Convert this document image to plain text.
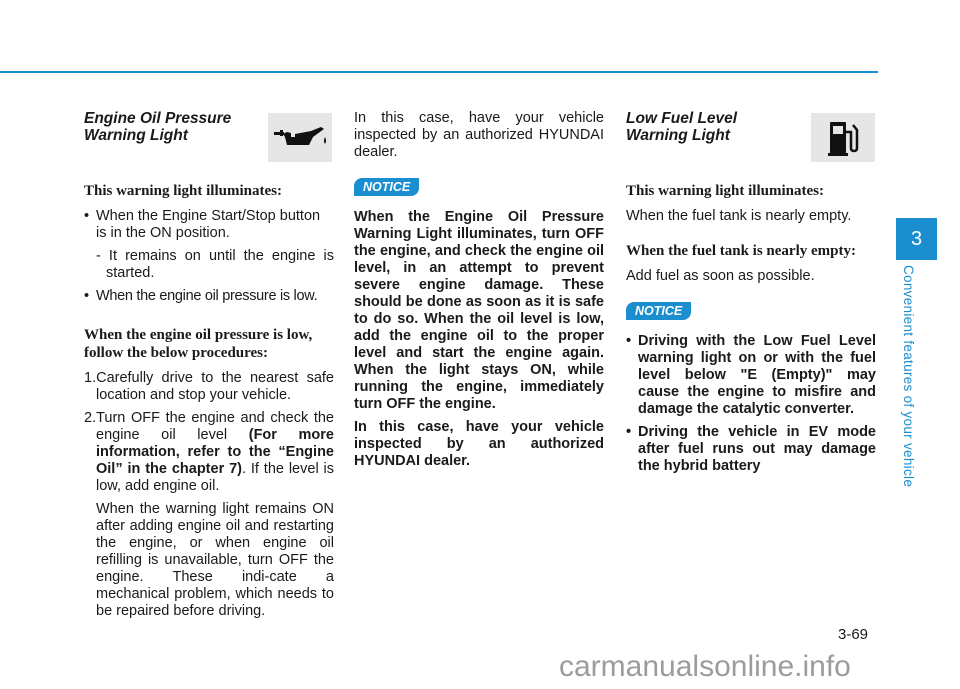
Engine Oil Pressure
Warning Light

This warning light illuminates:

• When the Engine Start/Stop button is in the ON position.

- It remains on until the engine is started.

• When the engine oil pressure is low.

When the engine oil pressure is low, follow the below procedures:

1.Carefully drive to the nearest safe location and stop your vehicle.

2.Turn OFF the engine and check the engine oil level (For more information, refer to the “Engine Oil” in the chapter 7). If the level is low, add engine oil.

When the warning light remains ON after adding engine oil and restarting the engine, or when engine oil refilling is unavailable, turn OFF the engine. These indi-cate a mechanical problem, which needs to be repaired before driving.

In this case, have your vehicle inspected by an authorized HYUNDAI dealer.

NOTICE

When the Engine Oil Pressure Warning Light illuminates, turn OFF the engine, and check the engine oil level, in an attempt to prevent severe engine damage. These should be done as soon as it is safe to do so. When the oil level is low, add the engine oil to the proper level and start the engine again. When the light stays ON, while running the engine, immediately turn OFF the engine.

In this case, have your vehicle inspected by an authorized HYUNDAI dealer.

Low Fuel Level
Warning Light

This warning light illuminates:

When the fuel tank is nearly empty.

When the fuel tank is nearly empty:

Add fuel as soon as possible.

NOTICE

• Driving with the Low Fuel Level warning light on or with the fuel level below "E (Empty)" may cause the engine to misfire and damage the catalytic converter.

• Driving the vehicle in EV mode after fuel runs out may damage the hybrid battery

3
Convenient features of your vehicle
3-69
carmanualsonline.info
